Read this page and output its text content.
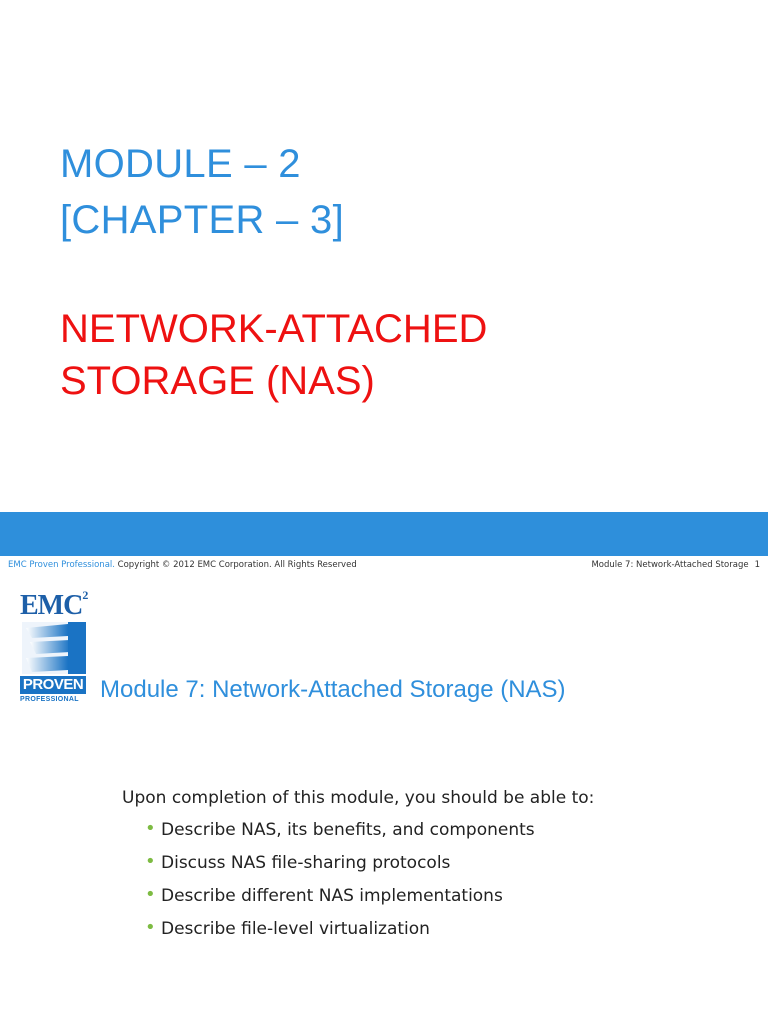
MODULE – 2
[CHAPTER – 3]
NETWORK-ATTACHED
STORAGE (NAS)
EMC Proven Professional. Copyright © 2012 EMC Corporation. All Rights Reserved	Module 7: Network-Attached Storage 1
EMC$^2$
PROVEN
PROFESSIONAL Module 7: Network-Attached Storage (NAS)
Upon completion of this module, you should be able to:
• Describe NAS, its benefits, and components
• Discuss NAS file-sharing protocols
• Describe different NAS implementations
• Describe file-level virtualization
